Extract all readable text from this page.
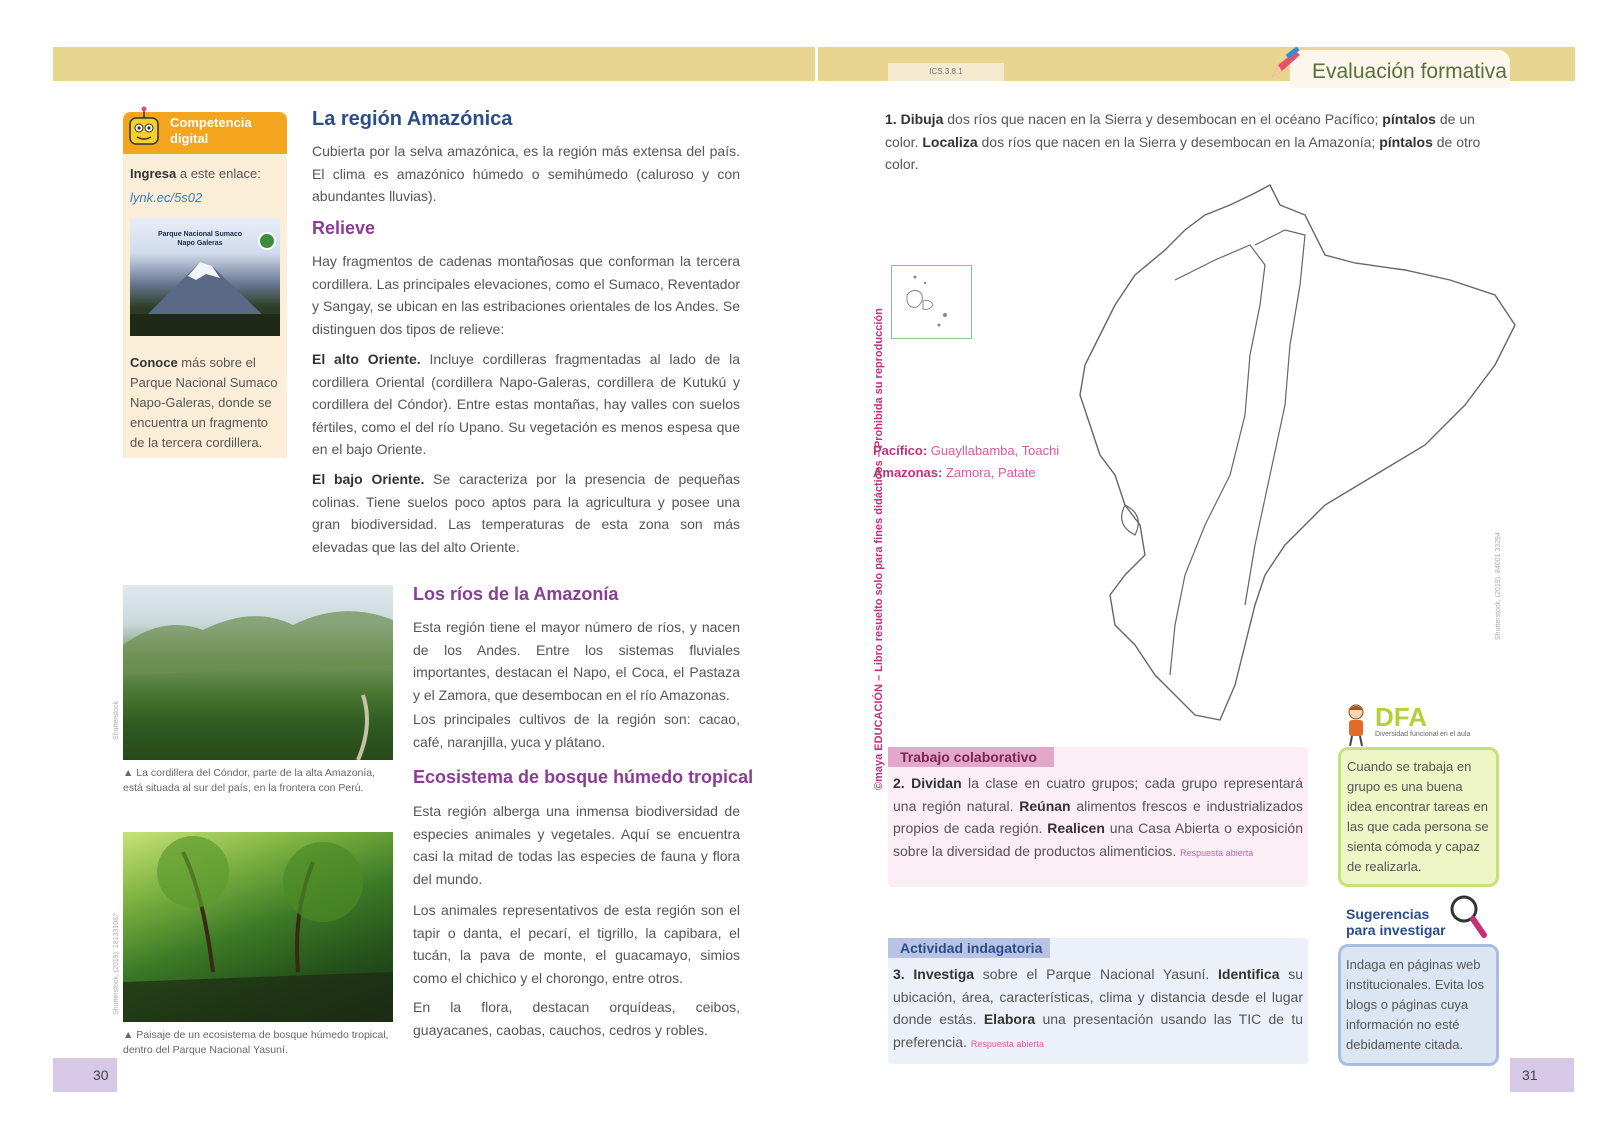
ICS.3.8.1	Evaluación formativa
30	31
Competencia
digital
Ingresa a este enlace:
lynk.ec/5s02
Parque Nacional Sumaco Napo Galeras
Conoce más sobre el
Parque Nacional Sumaco
Napo-Galeras, donde se
encuentra un fragmento
de la tercera cordillera.
La región Amazónica
Cubierta por la selva amazónica, es la región más extensa del país. El clima es amazónico húmedo o semihúmedo (caluroso y con abundantes lluvias).
Relieve
Hay fragmentos de cadenas montañosas que conforman la tercera cordillera. Las principales elevaciones, como el Sumaco, Reventador y Sangay, se ubican en las estribaciones orientales de los Andes. Se distinguen dos tipos de relieve:
El alto Oriente. Incluye cordilleras fragmentadas al lado de la cordillera Oriental (cordillera Napo-Galeras, cordillera de Kutukú y cordillera del Cóndor). Entre estas montañas, hay valles con suelos fértiles, como el del río Upano. Su vegetación es menos espesa que en el bajo Oriente.
El bajo Oriente. Se caracteriza por la presencia de pequeñas colinas. Tiene suelos poco aptos para la agricultura y posee una gran biodiversidad. Las temperaturas de esta zona son más elevadas que las del alto Oriente.
Shutterstock
▲ La cordillera del Cóndor, parte de la alta Amazonía, está situada al sur del país, en la frontera con Perú.
Shutterstock, (2019). 181331087
▲ Paisaje de un ecosistema de bosque húmedo tropical, dentro del Parque Nacional Yasuní.
Los ríos de la Amazonía
Esta región tiene el mayor número de ríos, y nacen de los Andes. Entre los sistemas fluviales importantes, destacan el Napo, el Coca, el Pastaza y el Zamora, que desembocan en el río Amazonas.
Los principales cultivos de la región son: cacao, café, naranjilla, yuca y plátano.
Ecosistema de bosque húmedo tropical
Esta región alberga una inmensa biodiversidad de especies animales y vegetales. Aquí se encuentra casi la mitad de todas las especies de fauna y flora del mundo.
Los animales representativos de esta región son el tapir o danta, el pecarí, el tigrillo, la capibara, el tucán, la pava de monte, el guacamayo, simios como el chichico y el chorongo, entre otros.
En la flora, destacan orquídeas, ceibos, guayacanes, caobas, cauchos, cedros y robles.
1. Dibuja dos ríos que nacen en la Sierra y desembocan en el océano Pacífico; píntalos de un color. Localiza dos ríos que nacen en la Sierra y desembocan en la Amazonía; píntalos de otro color.
Shutterstock, (2019). 84001 33294
Pacífico: Guayllabamba, Toachi
Amazonas: Zamora, Patate
©maya EDUCACIÓN – Libro resuelto solo para fines didácticos – Prohibida su reproducción	Trabajo colaborativo
2. Dividan la clase en cuatro grupos; cada grupo representará una región natural. Reúnan alimentos frescos e industrializados propios de cada región. Realicen una Casa Abierta o exposición sobre la diversidad de productos alimenticios. Respuesta abierta
Actividad indagatoria
3. Investiga sobre el Parque Nacional Yasuní. Identifica su ubicación, área, características, clima y distancia desde el lugar donde estás. Elabora una presentación usando las TIC de tu preferencia. Respuesta abierta
DFA
Diversidad funcional en el aula
Cuando se trabaja en
grupo es una buena
idea encontrar tareas en
las que cada persona se
sienta cómoda y capaz
de realizarla.
Sugerencias
para investigar
Indaga en páginas web
institucionales. Evita los
blogs o páginas cuya
información no esté
debidamente citada.
